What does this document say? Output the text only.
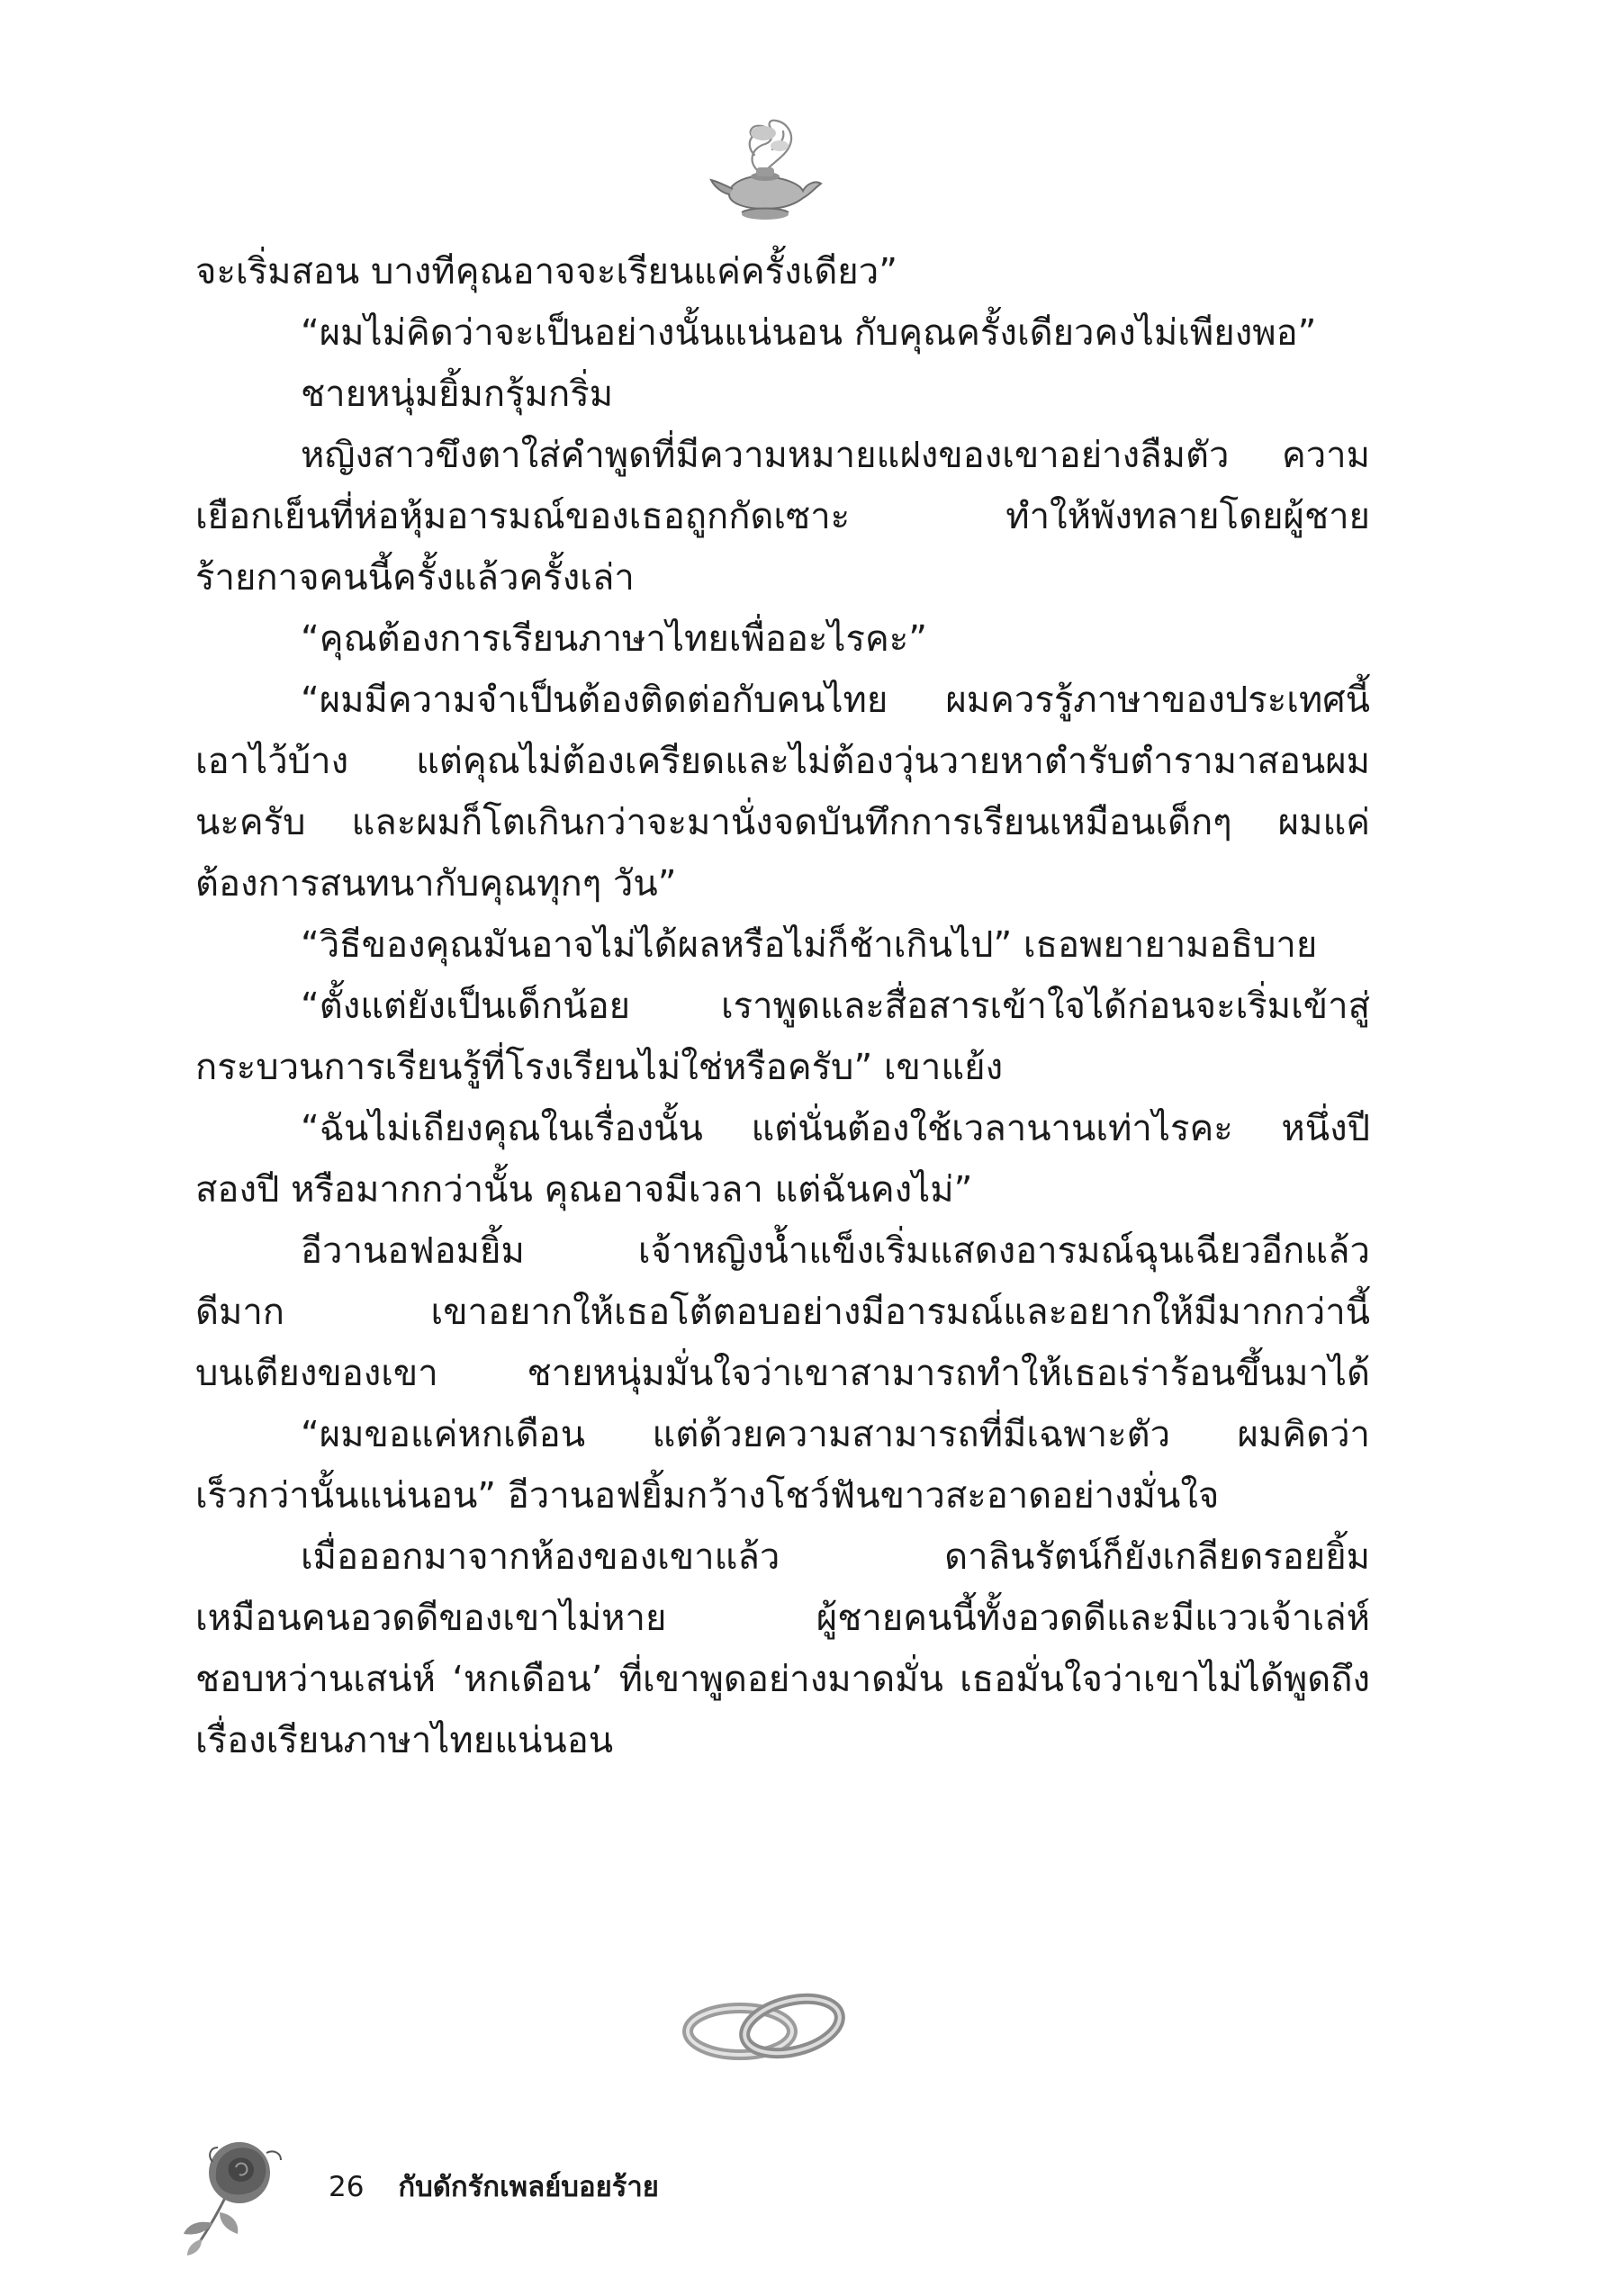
จะเริ่มสอน บางทีคุณอาจจะเรียนแค่ครั้งเดียว”
“ผมไม่คิดว่าจะเป็นอย่างนั้นแน่นอน กับคุณครั้งเดียวคงไม่เพียงพอ”
ชายหนุ่มยิ้มกรุ้มกริ่ม
หญิงสาวขึงตาใส่คำพูดที่มีความหมายแฝงของเขาอย่างลืมตัว ความ
เยือกเย็นที่ห่อหุ้มอารมณ์ของเธอถูกกัดเซาะ ทำให้พังทลายโดยผู้ชาย
ร้ายกาจคนนี้ครั้งแล้วครั้งเล่า
“คุณต้องการเรียนภาษาไทยเพื่ออะไรคะ”
“ผมมีความจำเป็นต้องติดต่อกับคนไทย ผมควรรู้ภาษาของประเทศนี้
เอาไว้บ้าง แต่คุณไม่ต้องเครียดและไม่ต้องวุ่นวายหาตำรับตำรามาสอนผม
นะครับ และผมก็โตเกินกว่าจะมานั่งจดบันทึกการเรียนเหมือนเด็กๆ ผมแค่
ต้องการสนทนากับคุณทุกๆ วัน”
“วิธีของคุณมันอาจไม่ได้ผลหรือไม่ก็ช้าเกินไป” เธอพยายามอธิบาย
“ตั้งแต่ยังเป็นเด็กน้อย เราพูดและสื่อสารเข้าใจได้ก่อนจะเริ่มเข้าสู่
กระบวนการเรียนรู้ที่โรงเรียนไม่ใช่หรือครับ” เขาแย้ง
“ฉันไม่เถียงคุณในเรื่องนั้น แต่นั่นต้องใช้เวลานานเท่าไรคะ หนึ่งปี
สองปี หรือมากกว่านั้น คุณอาจมีเวลา แต่ฉันคงไม่”
อีวานอฟอมยิ้ม เจ้าหญิงน้ำแข็งเริ่มแสดงอารมณ์ฉุนเฉียวอีกแล้ว
ดีมาก เขาอยากให้เธอโต้ตอบอย่างมีอารมณ์และอยากให้มีมากกว่านี้
บนเตียงของเขา ชายหนุ่มมั่นใจว่าเขาสามารถทำให้เธอเร่าร้อนขึ้นมาได้
“ผมขอแค่หกเดือน แต่ด้วยความสามารถที่มีเฉพาะตัว ผมคิดว่า
เร็วกว่านั้นแน่นอน” อีวานอฟยิ้มกว้างโชว์ฟันขาวสะอาดอย่างมั่นใจ
เมื่อออกมาจากห้องของเขาแล้ว ดาลินรัตน์ก็ยังเกลียดรอยยิ้ม
เหมือนคนอวดดีของเขาไม่หาย ผู้ชายคนนี้ทั้งอวดดีและมีแววเจ้าเล่ห์
ชอบหว่านเสน่ห์ ‘หกเดือน’ ที่เขาพูดอย่างมาดมั่น เธอมั่นใจว่าเขาไม่ได้พูดถึง
เรื่องเรียนภาษาไทยแน่นอน
26 กับดักรักเพลย์บอยร้าย
